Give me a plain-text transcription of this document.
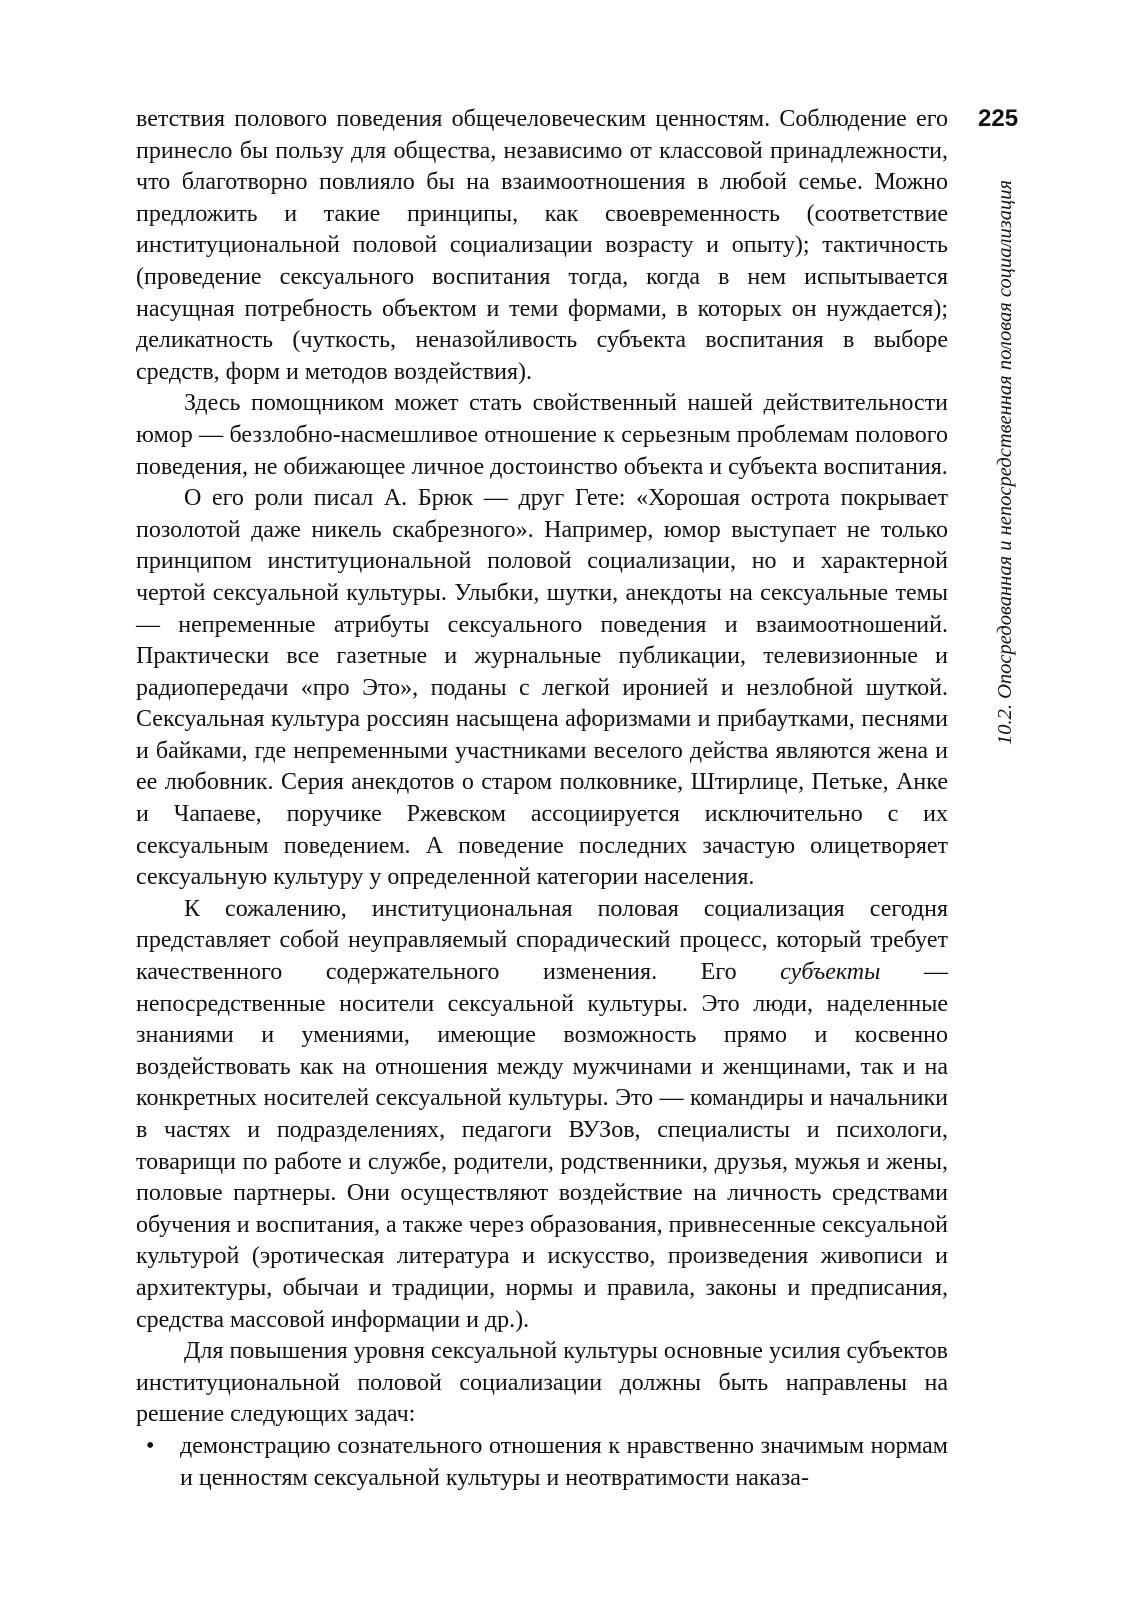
225
10.2. Опосредованная и непосредственная половая социализация

ветствия полового поведения общечеловеческим ценностям. Соблюдение его принесло бы пользу для общества, независимо от классовой принадлежности, что благотворно повлияло бы на взаимоотношения в любой семье. Можно предложить и такие принципы, как своевременность (соответствие институциональной половой социализации возрасту и опыту); тактичность (проведение сексуального воспитания тогда, когда в нем испытывается насущная потребность объектом и теми формами, в которых он нуждается); деликатность (чуткость, неназойливость субъекта воспитания в выборе средств, форм и методов воздействия).

Здесь помощником может стать свойственный нашей действительности юмор — беззлобно-насмешливое отношение к серьезным проблемам полового поведения, не обижающее личное достоинство объекта и субъекта воспитания.

О его роли писал А. Брюк — друг Гете: «Хорошая острота покрывает позолотой даже никель скабрезного». Например, юмор выступает не только принципом институциональной половой социализации, но и характерной чертой сексуальной культуры. Улыбки, шутки, анекдоты на сексуальные темы — непременные атрибуты сексуального поведения и взаимоотношений. Практически все газетные и журнальные публикации, телевизионные и радиопередачи «про Это», поданы с легкой иронией и незлобной шуткой. Сексуальная культура россиян насыщена афоризмами и прибаутками, песнями и байками, где непременными участниками веселого действа являются жена и ее любовник. Серия анекдотов о старом полковнике, Штирлице, Петьке, Анке и Чапаеве, поручике Ржевском ассоциируется исключительно с их сексуальным поведением. А поведение последних зачастую олицетворяет сексуальную культуру у определенной категории населения.

К сожалению, институциональная половая социализация сегодня представляет собой неуправляемый спорадический процесс, который требует качественного содержательного изменения. Его субъекты — непосредственные носители сексуальной культуры. Это люди, наделенные знаниями и умениями, имеющие возможность прямо и косвенно воздействовать как на отношения между мужчинами и женщинами, так и на конкретных носителей сексуальной культуры. Это — командиры и начальники в частях и подразделениях, педагоги ВУЗов, специалисты и психологи, товарищи по работе и службе, родители, родственники, друзья, мужья и жены, половые партнеры. Они осуществляют воздействие на личность средствами обучения и воспитания, а также через образования, привнесенные сексуальной культурой (эротическая литература и искусство, произведения живописи и архитектуры, обычаи и традиции, нормы и правила, законы и предписания, средства массовой информации и др.).

Для повышения уровня сексуальной культуры основные усилия субъектов институциональной половой социализации должны быть направлены на решение следующих задач:

• демонстрацию сознательного отношения к нравственно значимым нормам и ценностям сексуальной культуры и неотвратимости наказа-
